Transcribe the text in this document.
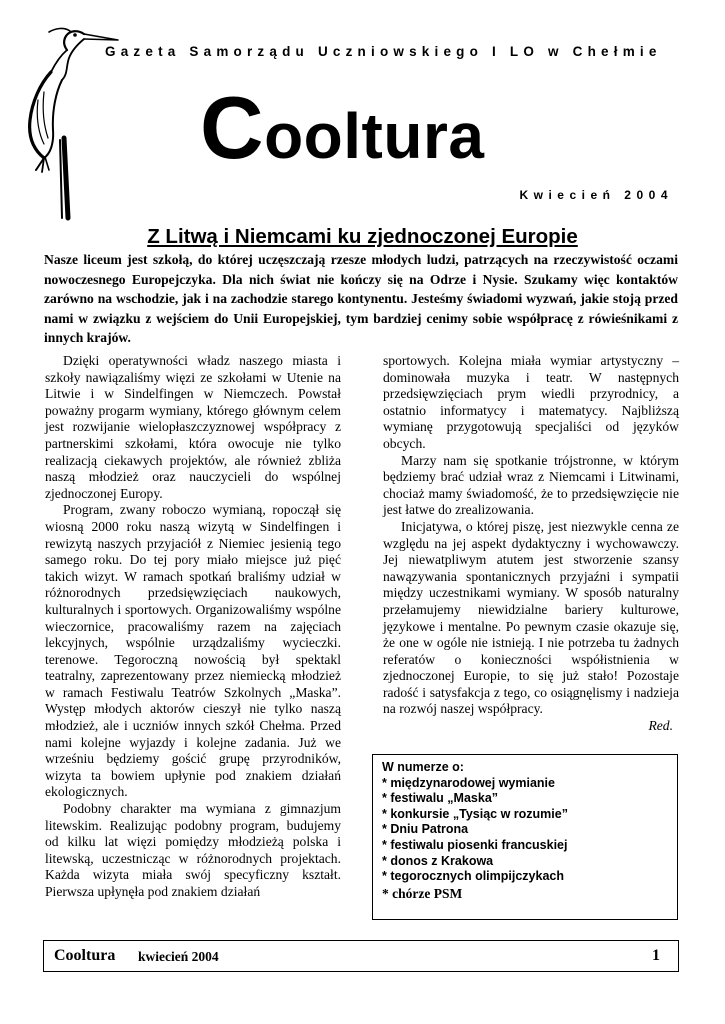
Gazeta Samorządu Uczniowskiego I LO w Chełmie
Cooltura
Kwiecień 2004
Z Litwą i Niemcami ku zjednoczonej Europie
Nasze liceum jest szkołą, do której uczęszczają rzesze młodych ludzi, patrzących na rzeczywistość oczami nowoczesnego Europejczyka. Dla nich świat nie kończy się na Odrze i Nysie. Szukamy więc kontaktów zarówno na wschodzie, jak i na zachodzie starego kontynentu. Jesteśmy świadomi wyzwań, jakie stoją przed nami w związku z wejściem do Unii Europejskiej, tym bardziej cenimy sobie współpracę z rówieśnikami z innych krajów.

Dzięki operatywności władz naszego miasta i szkoły nawiązaliśmy więzi ze szkołami w Utenie na Litwie i w Sindelfingen w Niemczech. Powstał poważny progarm wymiany, którego głównym celem jest rozwijanie wielopłaszczyznowej współpracy z partnerskimi szkołami, która owocuje nie tylko realizacją ciekawych projektów, ale również zbliża naszą młodzież oraz nauczycieli do wspólnej zjednoczonej Europy.

Program, zwany roboczo wymianą, ropoczął się wiosną 2000 roku naszą wizytą w Sindelfingen i rewizytą naszych przyjaciół z Niemiec jesienią tego samego roku. Do tej pory miało miejsce już pięć takich wizyt. W ramach spotkań braliśmy udział w różnorodnych przedsięwzięciach naukowych, kulturalnych i sportowych. Organizowaliśmy wspólne wieczornice, pracowaliśmy razem na zajęciach lekcyjnych, wspólnie urządzaliśmy wycieczki. terenowe. Tegoroczną nowością był spektakl teatralny, zaprezentowany przez niemiecką młodzież w ramach Festiwalu Teatrów Szkolnych „Maska”. Występ młodych aktorów cieszył nie tylko naszą młodzież, ale i uczniów innych szkół Chełma. Przed nami kolejne wyjazdy i kolejne zadania. Już we wrześniu będziemy gościć grupę przyrodników, wizyta ta bowiem upłynie pod znakiem działań ekologicznych.

Podobny charakter ma wymiana z gimnazjum litewskim. Realizując podobny program, budujemy od kilku lat więzi pomiędzy młodzieżą polska i litewską, uczestnicząc w różnorodnych projektach. Każda wizyta miała swój specyficzny kształt. Pierwsza upłynęła pod znakiem działań

sportowych. Kolejna miała wymiar artystyczny – dominowała muzyka i teatr. W następnych przedsięwzięciach prym wiedli przyrodnicy, a ostatnio informatycy i matematycy. Najbliższą wymianę przygotowują specjaliści od języków obcych.

Marzy nam się spotkanie trójstronne, w którym będziemy brać udział wraz z Niemcami i Litwinami, chociaż mamy świadomość, że to przedsięwzięcie nie jest łatwe do zrealizowania.

Inicjatywa, o której piszę, jest niezwykle cenna ze względu na jej aspekt dydaktyczny i wychowawczy. Jej niewatpliwym atutem jest stworzenie szansy nawązywania spontanicznych przyjaźni i sympatii między uczestnikami wymiany. W sposób naturalny przełamujemy niewidzialne bariery kulturowe, językowe i mentalne. Po pewnym czasie okazuje się, że one w ogóle nie istnieją. I nie potrzeba tu żadnych referatów o konieczności współistnienia w zjednoczonej Europie, to się już stało! Pozostaje radość i satysfakcja z tego, co osiągnęlismy i nadzieja na rozwój naszej współpracy.

Red.

W numerze o:
* międzynarodowej wymianie
* festiwalu „Maska”
* konkursie „Tysiąc w rozumie”
* Dniu Patrona
* festiwalu piosenki francuskiej
* donos z Krakowa
* tegorocznych olimpijczykach
* chórze PSM
Cooltura kwiecień 2004	1
